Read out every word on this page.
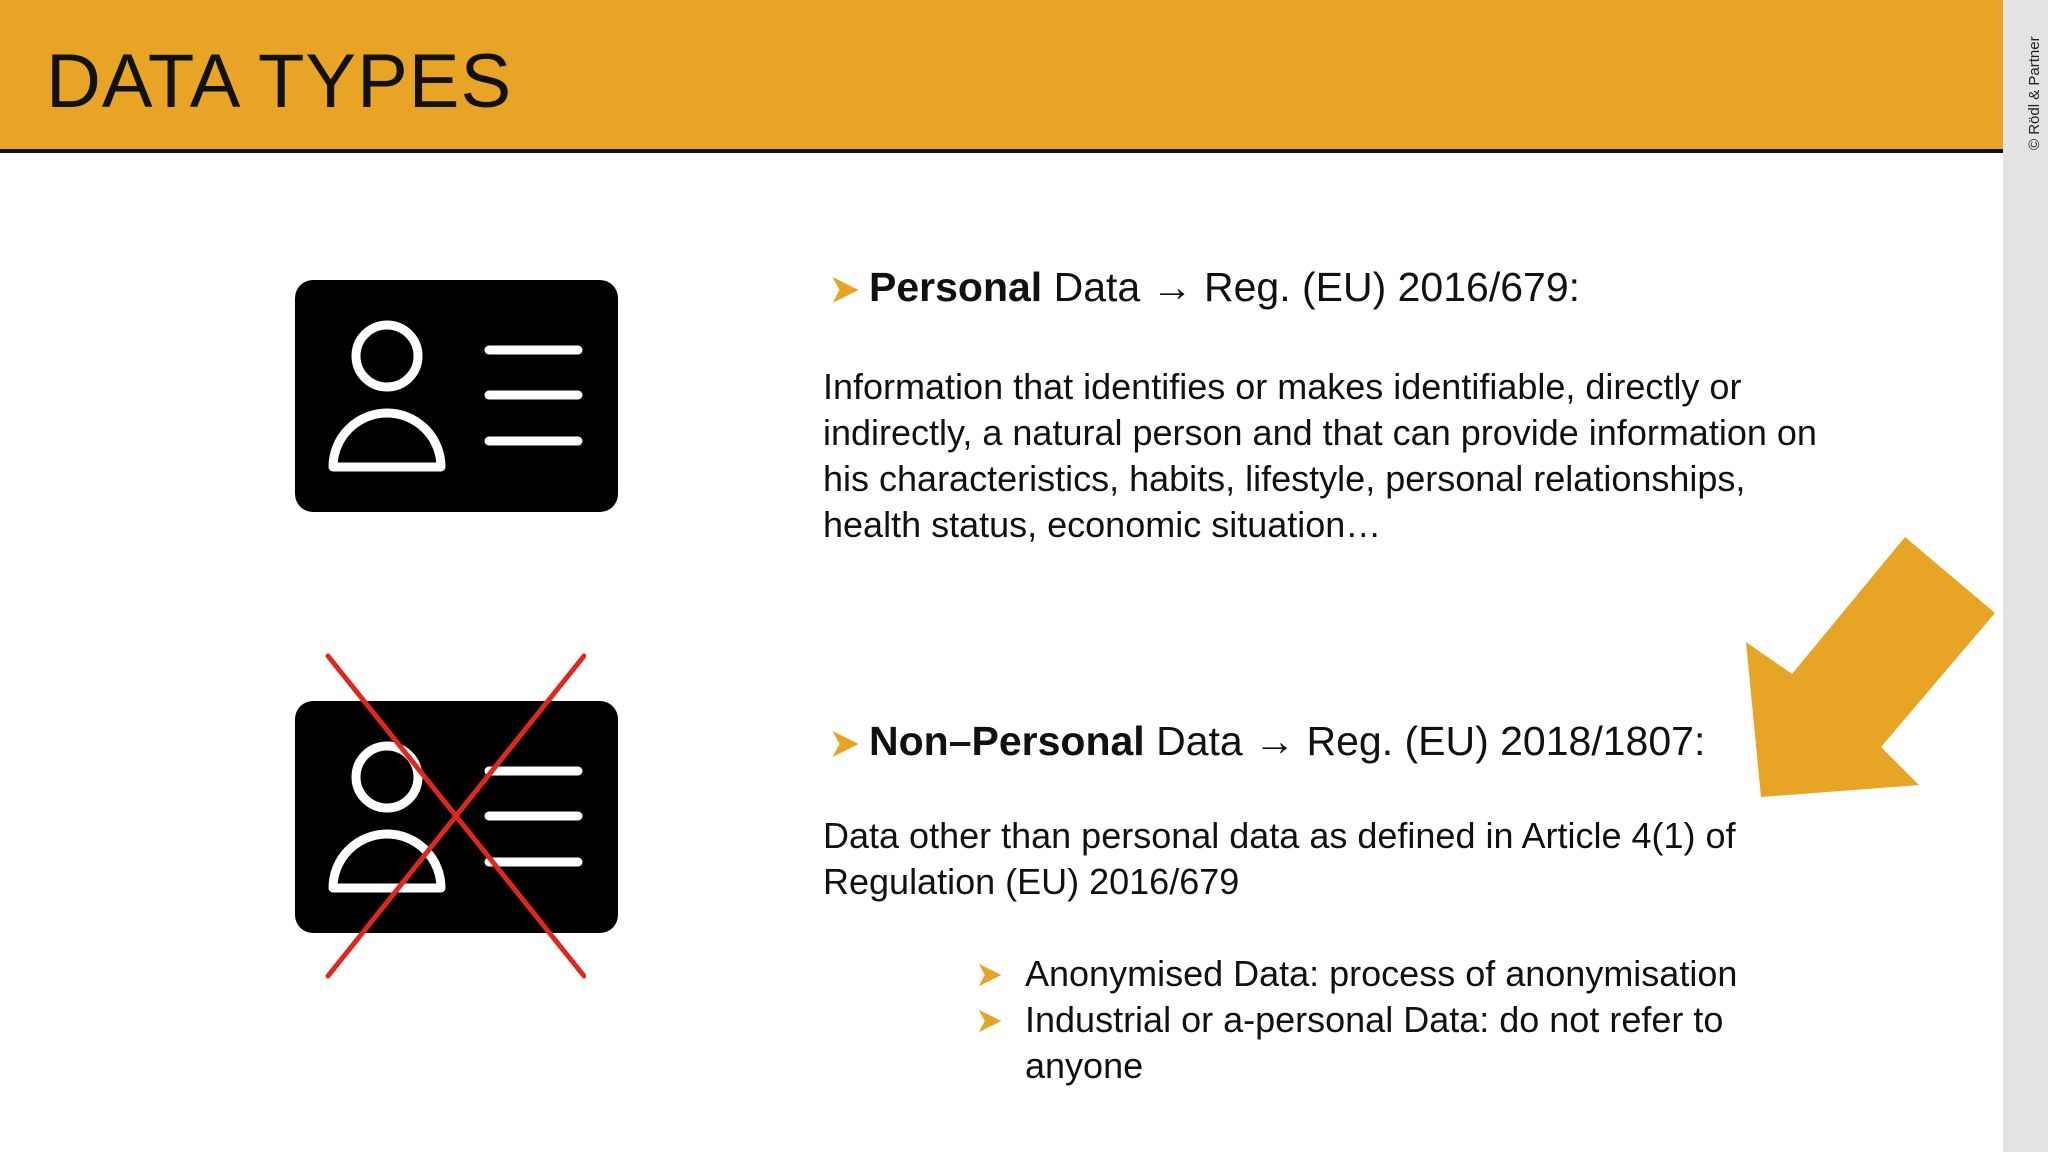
DATA TYPES	© Rödl & Partner
Personal Data → Reg. (EU) 2016/679:

Information that identifies or makes identifiable, directly or indirectly, a natural person and that can provide information on his characteristics, habits, lifestyle, personal relationships, health status, economic situation…

Non–Personal Data → Reg. (EU) 2018/1807:

Data other than personal data as defined in Article 4(1) of Regulation (EU) 2016/679

Anonymised Data: process of anonymisation
Industrial or a-personal Data: do not refer to anyone
